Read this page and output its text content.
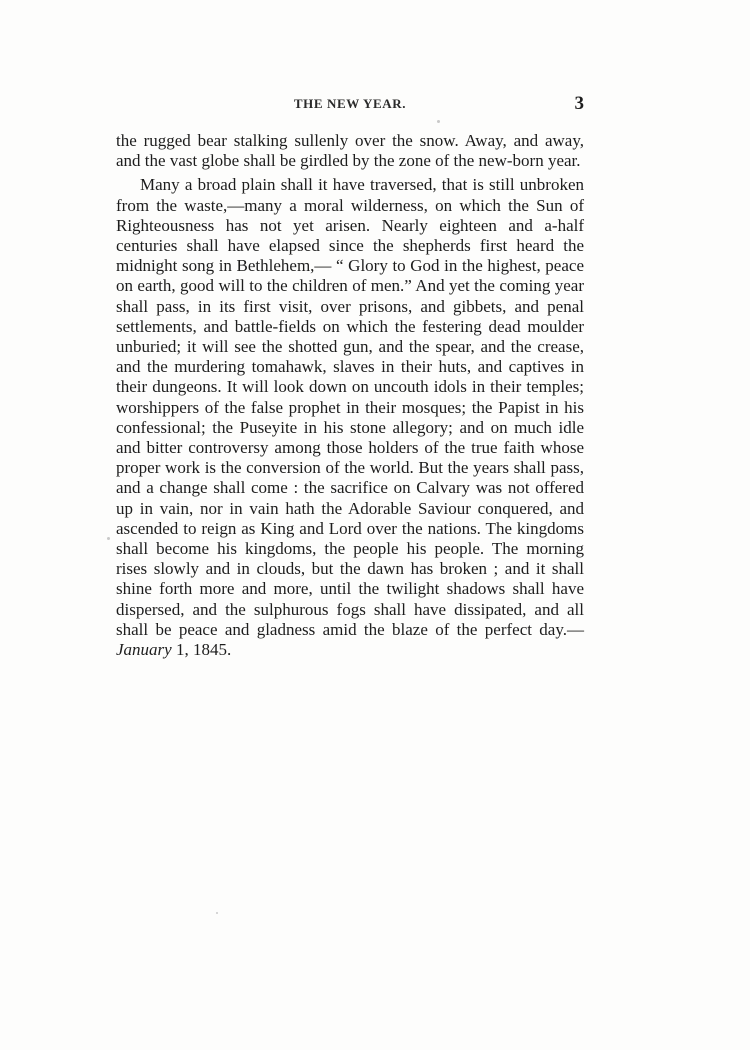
THE NEW YEAR.	3

the rugged bear stalking sullenly over the snow. Away, and away, and the vast globe shall be girdled by the zone of the new-born year.

Many a broad plain shall it have traversed, that is still unbroken from the waste,—many a moral wilderness, on which the Sun of Righteousness has not yet arisen. Nearly eighteen and a-half centuries shall have elapsed since the shepherds first heard the midnight song in Bethlehem,— “ Glory to God in the highest, peace on earth, good will to the children of men.” And yet the coming year shall pass, in its first visit, over prisons, and gibbets, and penal settlements, and battle-fields on which the festering dead moulder unburied; it will see the shotted gun, and the spear, and the crease, and the murdering tomahawk, slaves in their huts, and captives in their dungeons. It will look down on uncouth idols in their temples; worshippers of the false prophet in their mosques; the Papist in his confessional; the Puseyite in his stone allegory; and on much idle and bitter controversy among those holders of the true faith whose proper work is the conversion of the world. But the years shall pass, and a change shall come : the sacrifice on Calvary was not offered up in vain, nor in vain hath the Adorable Saviour conquered, and ascended to reign as King and Lord over the nations. The kingdoms shall become his kingdoms, the people his people. The morning rises slowly and in clouds, but the dawn has broken ; and it shall shine forth more and more, until the twilight shadows shall have dispersed, and the sulphurous fogs shall have dissipated, and all shall be peace and gladness amid the blaze of the perfect day.—January 1, 1845.
